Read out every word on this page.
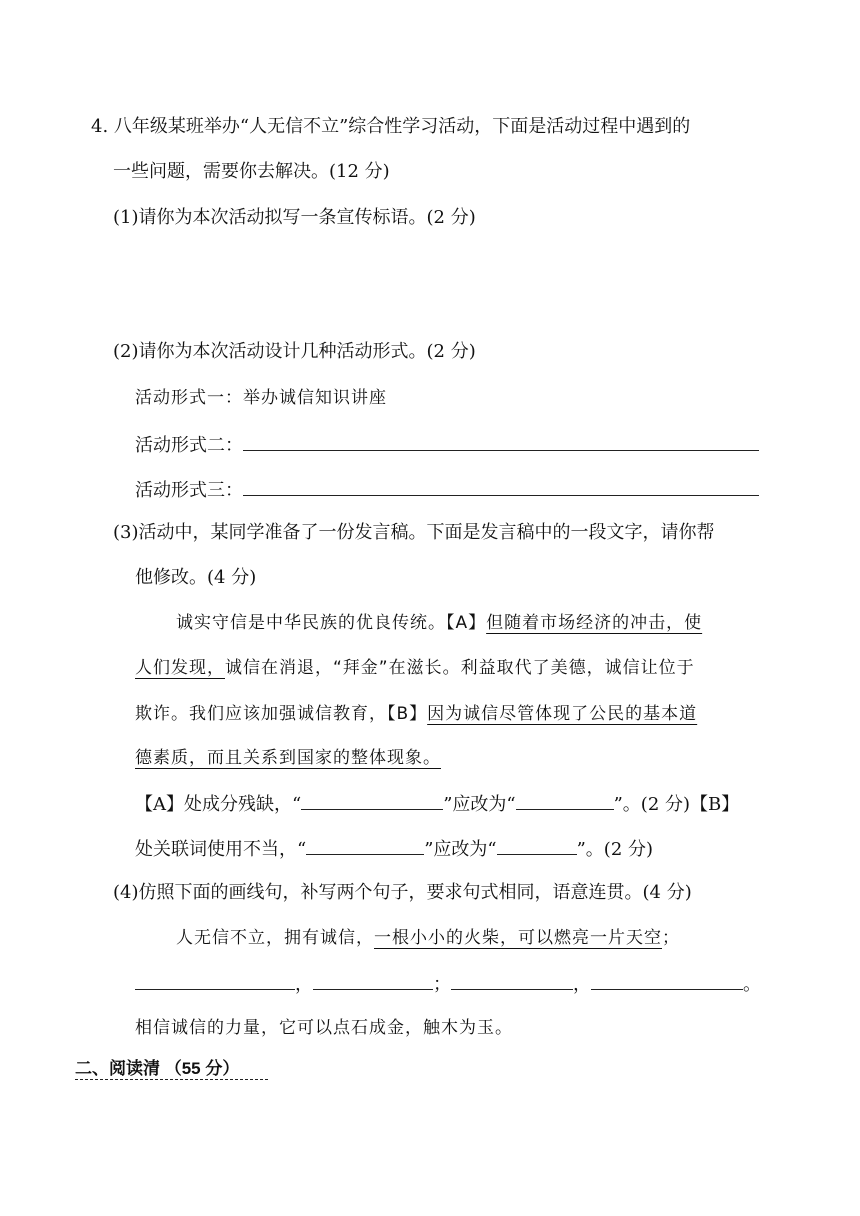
4. 八年级某班举办“人无信不立”综合性学习活动，下面是活动过程中遇到的
一些问题，需要你去解决。(12 分)
(1)请你为本次活动拟写一条宣传标语。(2 分)
(2)请你为本次活动设计几种活动形式。(2 分)
活动形式一：举办诚信知识讲座
活动形式二：
活动形式三：
(3)活动中，某同学准备了一份发言稿。下面是发言稿中的一段文字，请你帮
他修改。(4 分)
诚实守信是中华民族的优良传统。【A】但随着市场经济的冲击，使
人们发现，诚信在消退，“拜金”在滋长。利益取代了美德，诚信让位于
欺诈。我们应该加强诚信教育，【B】因为诚信尽管体现了公民的基本道
德素质，而且关系到国家的整体现象。
【A】处成分残缺，“	”应改为“	”。(2 分)【B】
处关联词使用不当，“	”应改为“	”。(2 分)
(4)仿照下面的画线句，补写两个句子，要求句式相同，语意连贯。(4 分)
人无信不立，拥有诚信，一根小小的火柴，可以燃亮一片天空；
，	；	，	。
相信诚信的力量，它可以点石成金，触木为玉。
二、阅读清 （55 分）
